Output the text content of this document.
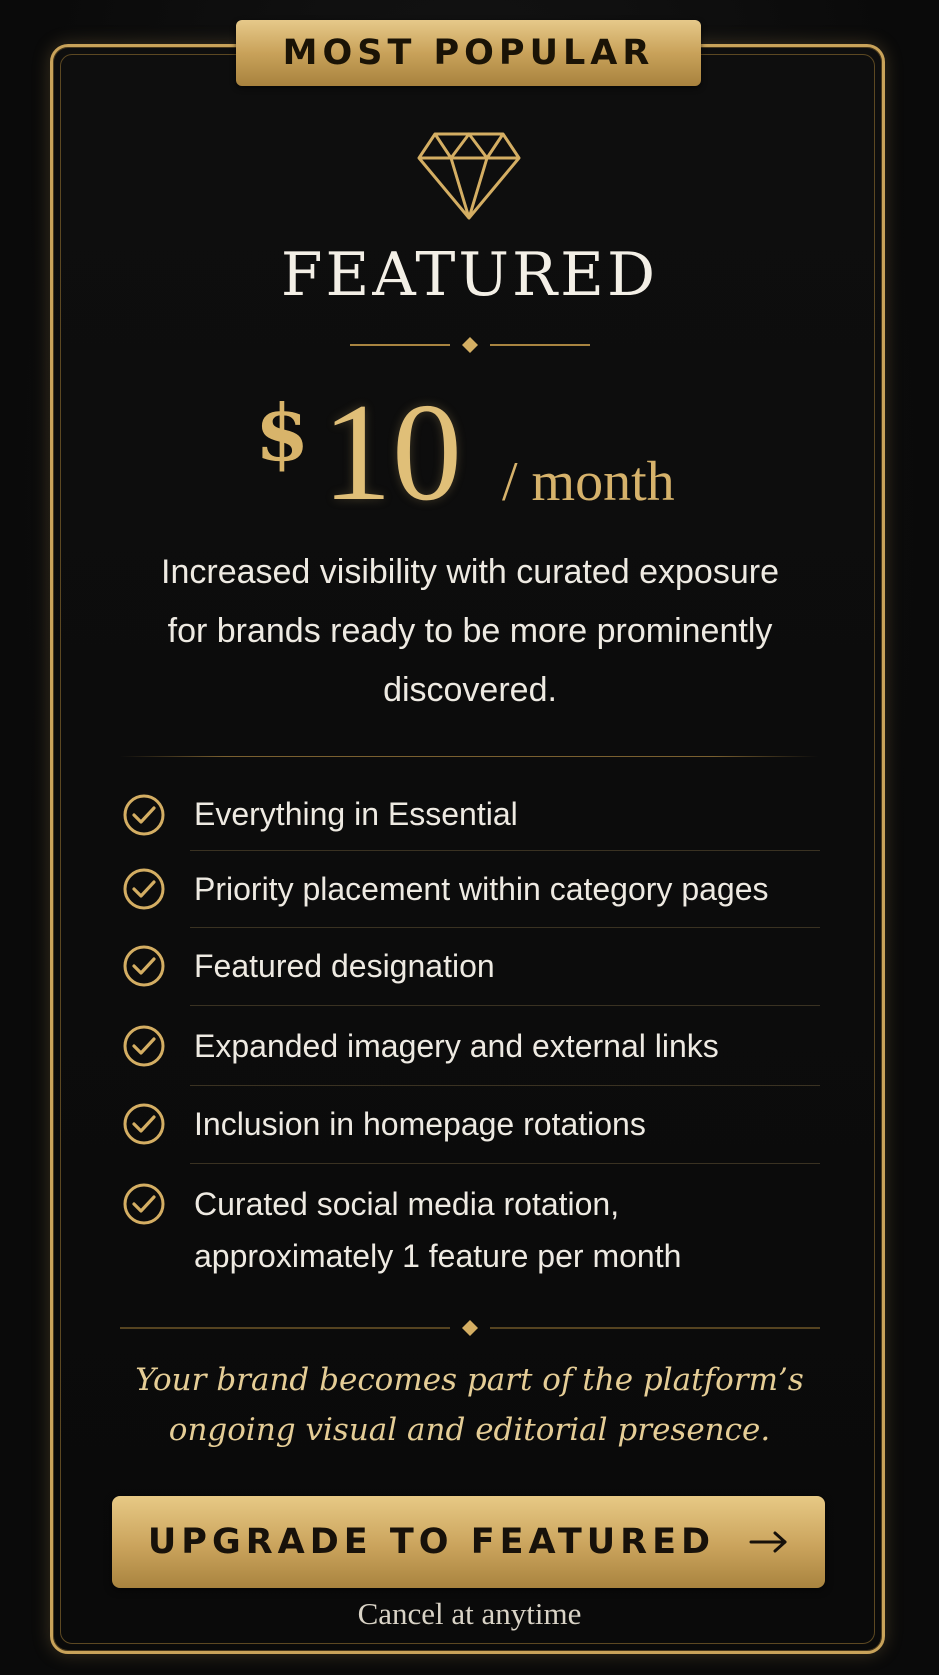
MOST POPULAR
FEATURED
$ 10 / month
Increased visibility with curated exposure for brands ready to be more prominently discovered.
Everything in Essential
Priority placement within category pages
Featured designation
Expanded imagery and external links
Inclusion in homepage rotations
Curated social media rotation, approximately 1 feature per month
Your brand becomes part of the platform’s ongoing visual and editorial presence.
UPGRADE TO FEATURED
Cancel at anytime
